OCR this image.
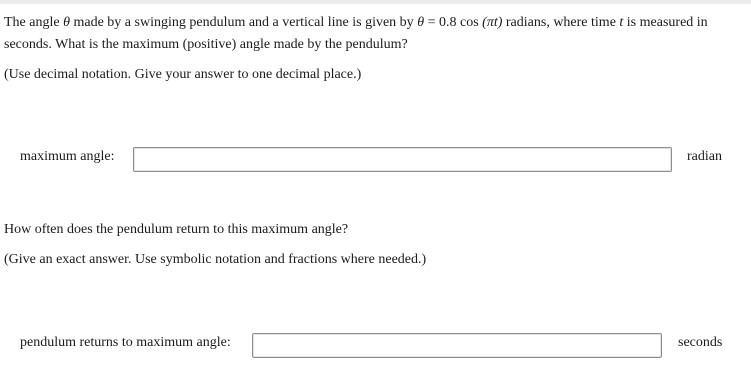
The angle θ made by a swinging pendulum and a vertical line is given by θ = 0.8 cos (πt) radians, where time t is measured in
seconds. What is the maximum (positive) angle made by the pendulum?
(Use decimal notation. Give your answer to one decimal place.)
maximum angle:	radian
How often does the pendulum return to this maximum angle?
(Give an exact answer. Use symbolic notation and fractions where needed.)
pendulum returns to maximum angle:	seconds
